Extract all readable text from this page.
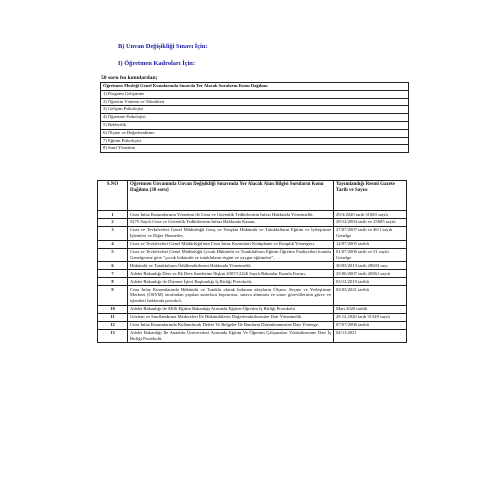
B) Unvan Değişikliği Sınavı İçin:

I) Öğretmen Kadroları İçin:

50 soru bu konulardan;

Öğretmen Mesleği Genel Konularında Sınavda Yer Alacak Soruların Konu Dağılımı
1) Program Geliştirme
2) Öğretim Yöntem ve Teknikleri
3) Gelişim Psikolojisi
4) Öğrenme Psikolojisi
5) Rehberlik
6) Ölçme ve Değerlendirme
7) Eğitim Psikolojisi
8) Sınıf Yönetimi
S.NO	Öğretmen Unvanında Unvan Değişikliği Sınavında Yer Alacak Alan Bilgisi Soruların Konu Dağılımı (30 soru)	Yayımlandığı Resmî Gazete Tarih ve Sayısı
1	Ceza İnfaz Kurumlarının Yönetimi ile Ceza ve Güvenlik Tedbirlerinin İnfazı Hakkında Yönetmelik,	29/3/2020 tarih 31083 sayılı
2	5275 Sayılı Ceza ve Güvenlik Tedbirlerinin İnfazı Hakkında Kanun,	29/12/2004 tarih ve 25685 sayılı
3	Ceza ve Tevkifevleri Genel Müdürlüğü Genç ve Yetişkin Hükümlü ve Tutuklulların Eğitim ve İyileştirme İşlemleri ve Diğer Hizmetler,	27/07/2007 tarih ve 46/1 sayılı Genelge
4	Ceza ve Tevkifevleri Genel Müdürlüğü'nün Ceza İnfaz Kurumları Kütüphane ve Kitaplık Yönergesi,	12/07/2005 tarihli
5	Ceza ve Tevkifevleri Genel Müdürlüğü Çocuk Hükümlü ve Tutuklulların Eğitim Öğretim Faaliyetleri konulu Genelgesine göre "çocuk hükümlü ve tutukluların örgün ve yaygın eğitimleri",	01/07/2006 tarih ve 51 sayılı Genelge
6	Hükümlü ve Tutukluların Ödüllendirilmesi Hakkında Yönetmelik	30/03/2013 tarih 28603 sayı
7	Adalet Bakanlığı Ders ve Ek Ders Saatlerine İlişkin 2007/12226 Sayılı Bakanlar Kurulu Kararı,	25/06/2007 tarih 26561 sayılı
8	Adalet Bakanlığı ile Diyanet İşleri Başkanlığı İş Birliği Protokolü,	03/12/2019 tarihli
9	Ceza İnfaz Kurumlarında Hükümlü ve Tutuklu olarak bulunan adayların Ölçme, Seçme ve Yerleştirme Merkezi (ÖSYM) tarafından yapılan sınavlara başvurusu, sınava alınması ve sınav görevlilerinin görev ve işlemleri hakkında protokol,	03/03/2021 tarihli
10	Adalet Bakanlığı ile Milli Eğitim Bakanlığı Arasında Eğitim-Öğretim İş Birliği Protokolü	Mart 2020 tarihli
11	Gözlem ve Sınıflandırma Merkezleri İle Hükümlülerin Değerlendirilmesine Dair Yönetmelik	29.12.2020 tarih 31349 sayılı
12	Ceza İnfaz Kurumlarında Kullanılacak Defter Ve Belgeler İle Bunların Düzenlenmesine Dair Yönerge,	07/07/2006 tarihli
13	Adalet Bakanlığı İle Anadolu Üniversitesi Arasında Eğitim Ve Öğretim Çalışmaları Yürütülmesine Dair İş Birliği Protokolü.	04/11/2021
